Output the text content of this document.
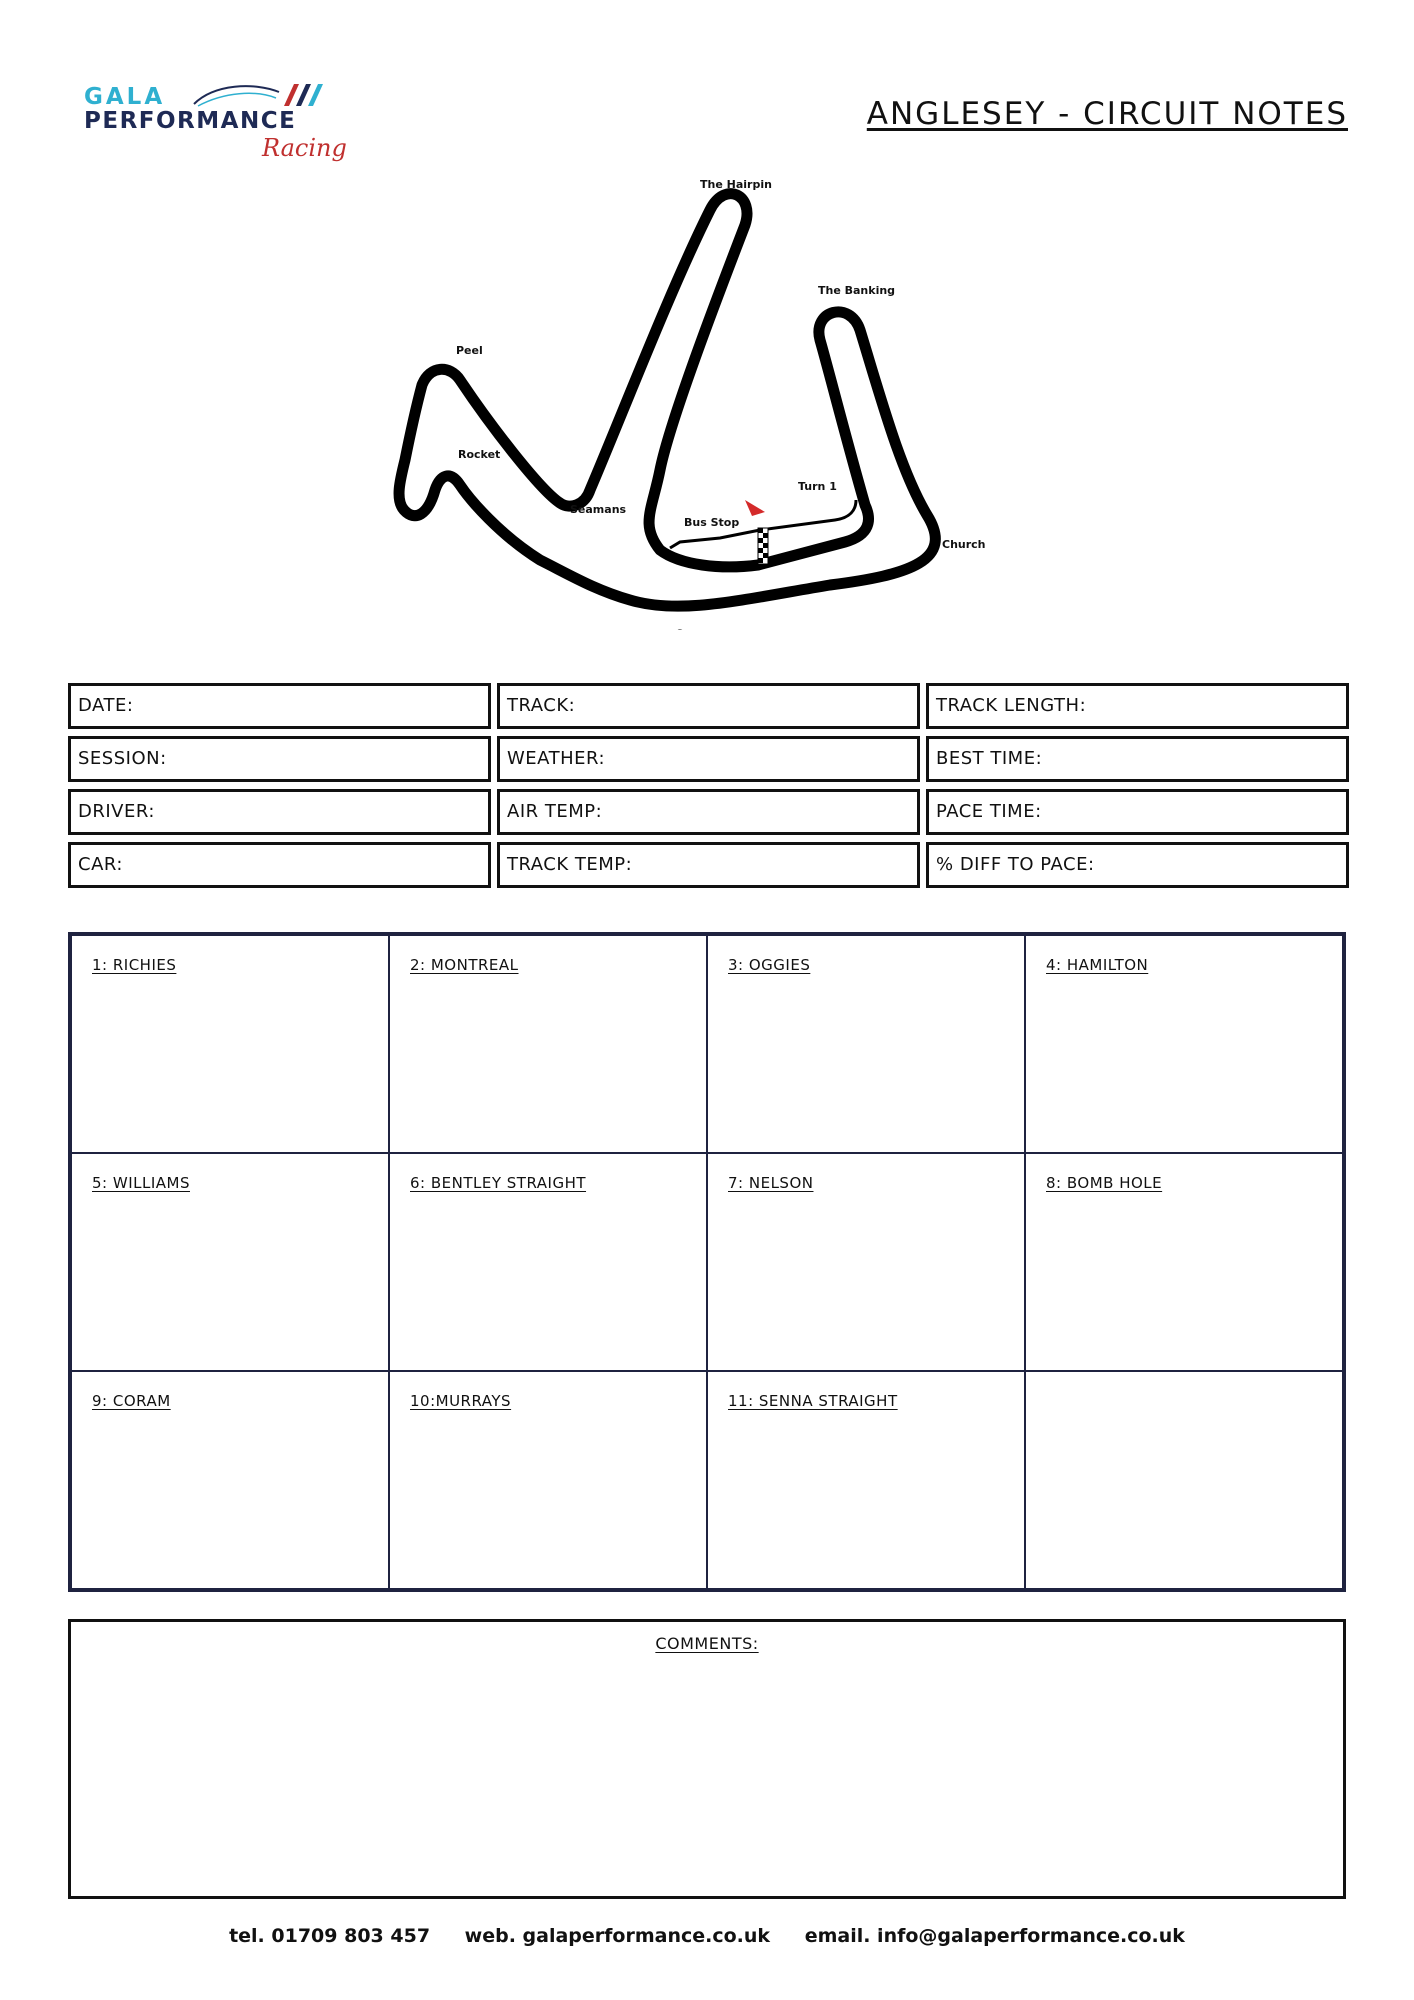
GALA
PERFORMANCE
Racing
ANGLESEY - CIRCUIT NOTES
The Hairpin
The Banking
Peel
Rocket
Seamans
Bus Stop
Turn 1
Church
DATE:	TRACK:	TRACK LENGTH:
SESSION:	WEATHER:	BEST TIME:
DRIVER:	AIR TEMP:	PACE TIME:
CAR:	TRACK TEMP:	% DIFF TO PACE:
1: RICHIES	2: MONTREAL	3: OGGIES	4: HAMILTON
5: WILLIAMS	6: BENTLEY STRAIGHT	7: NELSON	8: BOMB HOLE
9: CORAM	10:MURRAYS	11: SENNA STRAIGHT
COMMENTS:
tel. 01709 803 457 web. galaperformance.co.uk email. info@galaperformance.co.uk
